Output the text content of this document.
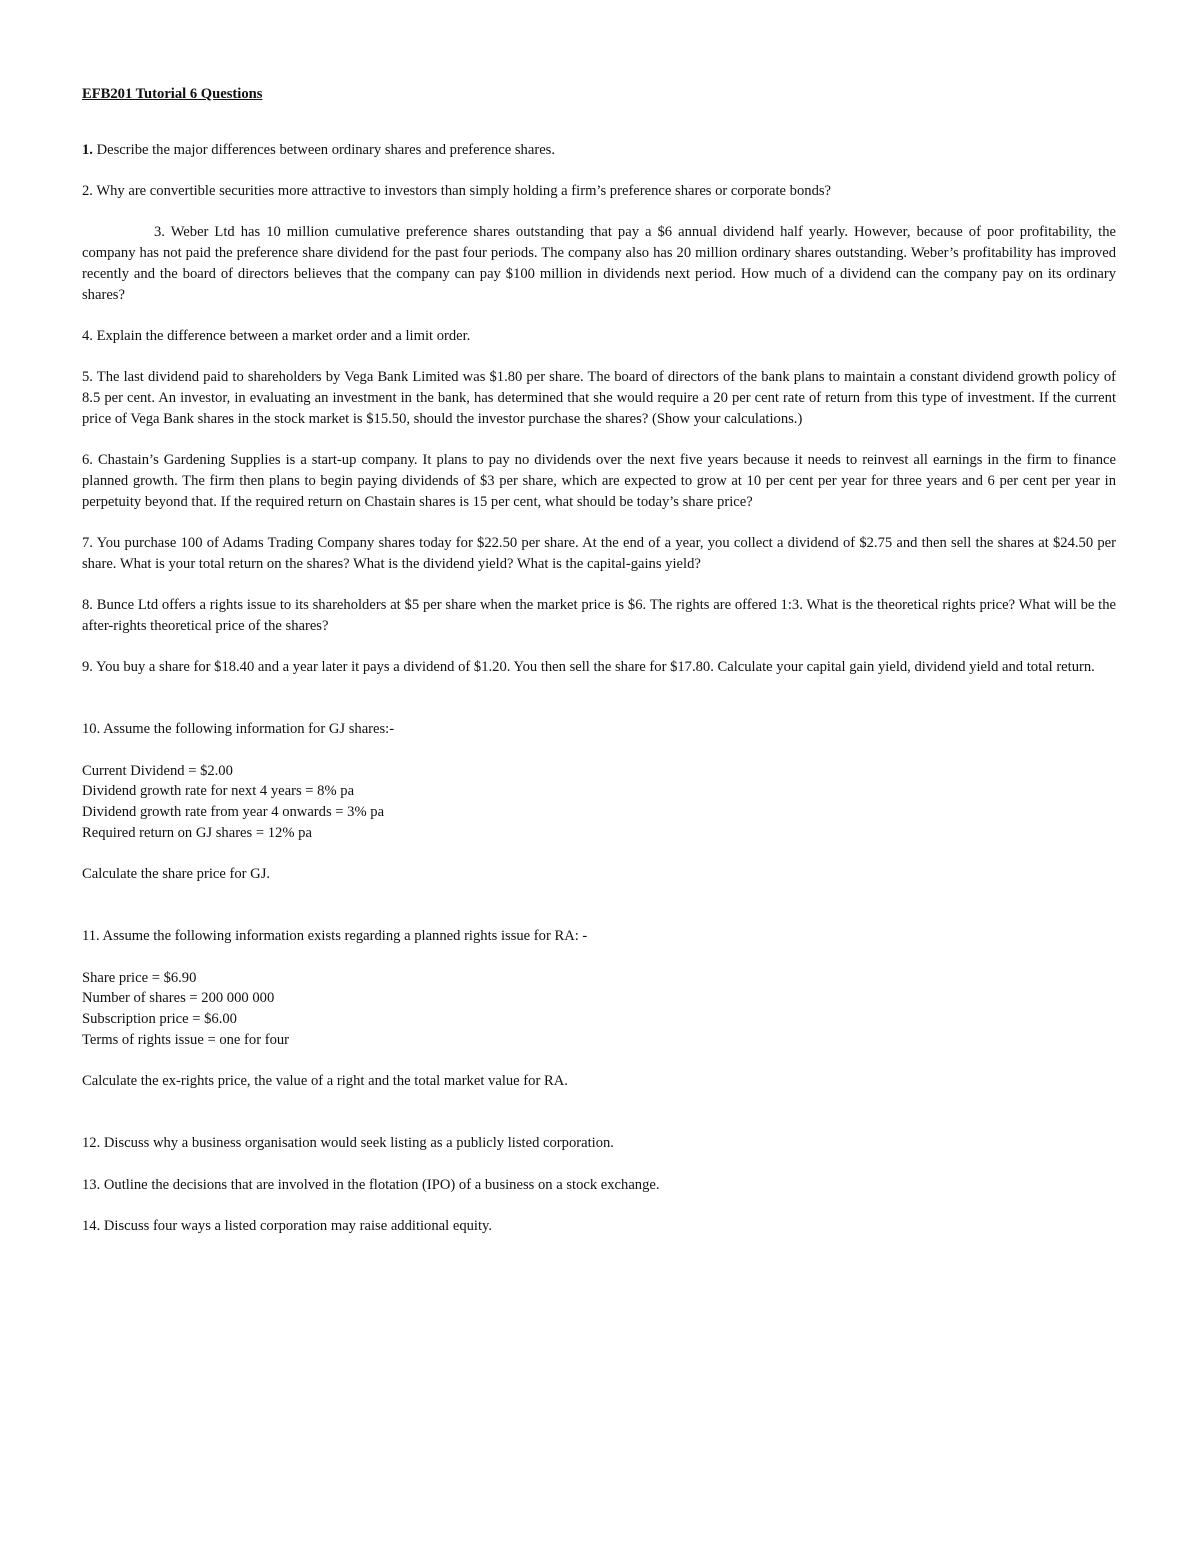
EFB201 Tutorial 6 Questions

1. Describe the major differences between ordinary shares and preference shares.

2. Why are convertible securities more attractive to investors than simply holding a firm’s preference shares or corporate bonds?

3. Weber Ltd has 10 million cumulative preference shares outstanding that pay a $6 annual dividend half yearly. However, because of poor profitability, the company has not paid the preference share dividend for the past four periods. The company also has 20 million ordinary shares outstanding. Weber’s profitability has improved recently and the board of directors believes that the company can pay $100 million in dividends next period. How much of a dividend can the company pay on its ordinary shares?

4. Explain the difference between a market order and a limit order.

5. The last dividend paid to shareholders by Vega Bank Limited was $1.80 per share. The board of directors of the bank plans to maintain a constant dividend growth policy of 8.5 per cent. An investor, in evaluating an investment in the bank, has determined that she would require a 20 per cent rate of return from this type of investment. If the current price of Vega Bank shares in the stock market is $15.50, should the investor purchase the shares? (Show your calculations.)

6. Chastain’s Gardening Supplies is a start-up company. It plans to pay no dividends over the next five years because it needs to reinvest all earnings in the firm to finance planned growth. The firm then plans to begin paying dividends of $3 per share, which are expected to grow at 10 per cent per year for three years and 6 per cent per year in perpetuity beyond that. If the required return on Chastain shares is 15 per cent, what should be today’s share price?

7. You purchase 100 of Adams Trading Company shares today for $22.50 per share. At the end of a year, you collect a dividend of $2.75 and then sell the shares at $24.50 per share. What is your total return on the shares? What is the dividend yield? What is the capital-gains yield?

8. Bunce Ltd offers a rights issue to its shareholders at $5 per share when the market price is $6. The rights are offered 1:3. What is the theoretical rights price? What will be the after-rights theoretical price of the shares?

9. You buy a share for $18.40 and a year later it pays a dividend of $1.20. You then sell the share for $17.80. Calculate your capital gain yield, dividend yield and total return.

10. Assume the following information for GJ shares:-

Current Dividend = $2.00
Dividend growth rate for next 4 years = 8% pa
Dividend growth rate from year 4 onwards = 3% pa
Required return on GJ shares = 12% pa

Calculate the share price for GJ.

11. Assume the following information exists regarding a planned rights issue for RA: -

Share price = $6.90
Number of shares = 200 000 000
Subscription price = $6.00
Terms of rights issue = one for four

Calculate the ex-rights price, the value of a right and the total market value for RA.

12. Discuss why a business organisation would seek listing as a publicly listed corporation.

13. Outline the decisions that are involved in the flotation (IPO) of a business on a stock exchange.

14. Discuss four ways a listed corporation may raise additional equity.
